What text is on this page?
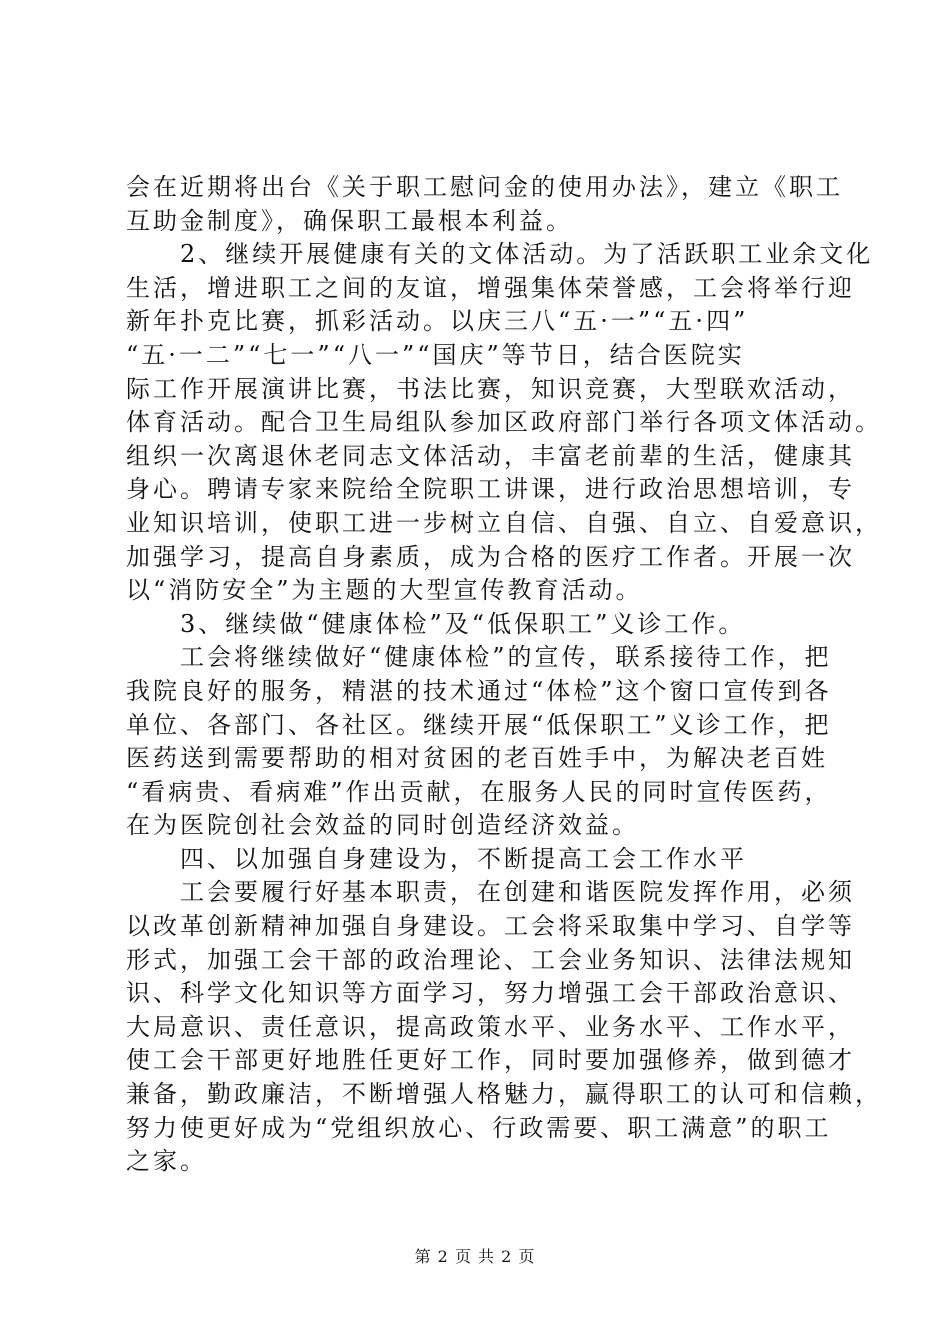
会在近期将出台《关于职工慰问金的使用办法》，建立《职工
互助金制度》，确保职工最根本利益。
　　2、继续开展健康有关的文体活动。为了活跃职工业余文化
生活，增进职工之间的友谊，增强集体荣誉感，工会将举行迎
新年扑克比赛，抓彩活动。以庆三八“五·一”“五·四”
“五·一二”“七一”“八一”“国庆”等节日，结合医院实
际工作开展演讲比赛，书法比赛，知识竞赛，大型联欢活动，
体育活动。配合卫生局组队参加区政府部门举行各项文体活动。
组织一次离退休老同志文体活动，丰富老前辈的生活，健康其
身心。聘请专家来院给全院职工讲课，进行政治思想培训，专
业知识培训，使职工进一步树立自信、自强、自立、自爱意识，
加强学习，提高自身素质，成为合格的医疗工作者。开展一次
以“消防安全”为主题的大型宣传教育活动。
　　3、继续做“健康体检”及“低保职工”义诊工作。
　　工会将继续做好“健康体检”的宣传，联系接待工作，把
我院良好的服务，精湛的技术通过“体检”这个窗口宣传到各
单位、各部门、各社区。继续开展“低保职工”义诊工作，把
医药送到需要帮助的相对贫困的老百姓手中，为解决老百姓
“看病贵、看病难”作出贡献，在服务人民的同时宣传医药，
在为医院创社会效益的同时创造经济效益。
　　四、以加强自身建设为，不断提高工会工作水平
　　工会要履行好基本职责，在创建和谐医院发挥作用，必须
以改革创新精神加强自身建设。工会将采取集中学习、自学等
形式，加强工会干部的政治理论、工会业务知识、法律法规知
识、科学文化知识等方面学习，努力增强工会干部政治意识、
大局意识、责任意识，提高政策水平、业务水平、工作水平，
使工会干部更好地胜任更好工作，同时要加强修养，做到德才
兼备，勤政廉洁，不断增强人格魅力，赢得职工的认可和信赖，
努力使更好成为“党组织放心、行政需要、职工满意”的职工
之家。
第 2 页 共 2 页
